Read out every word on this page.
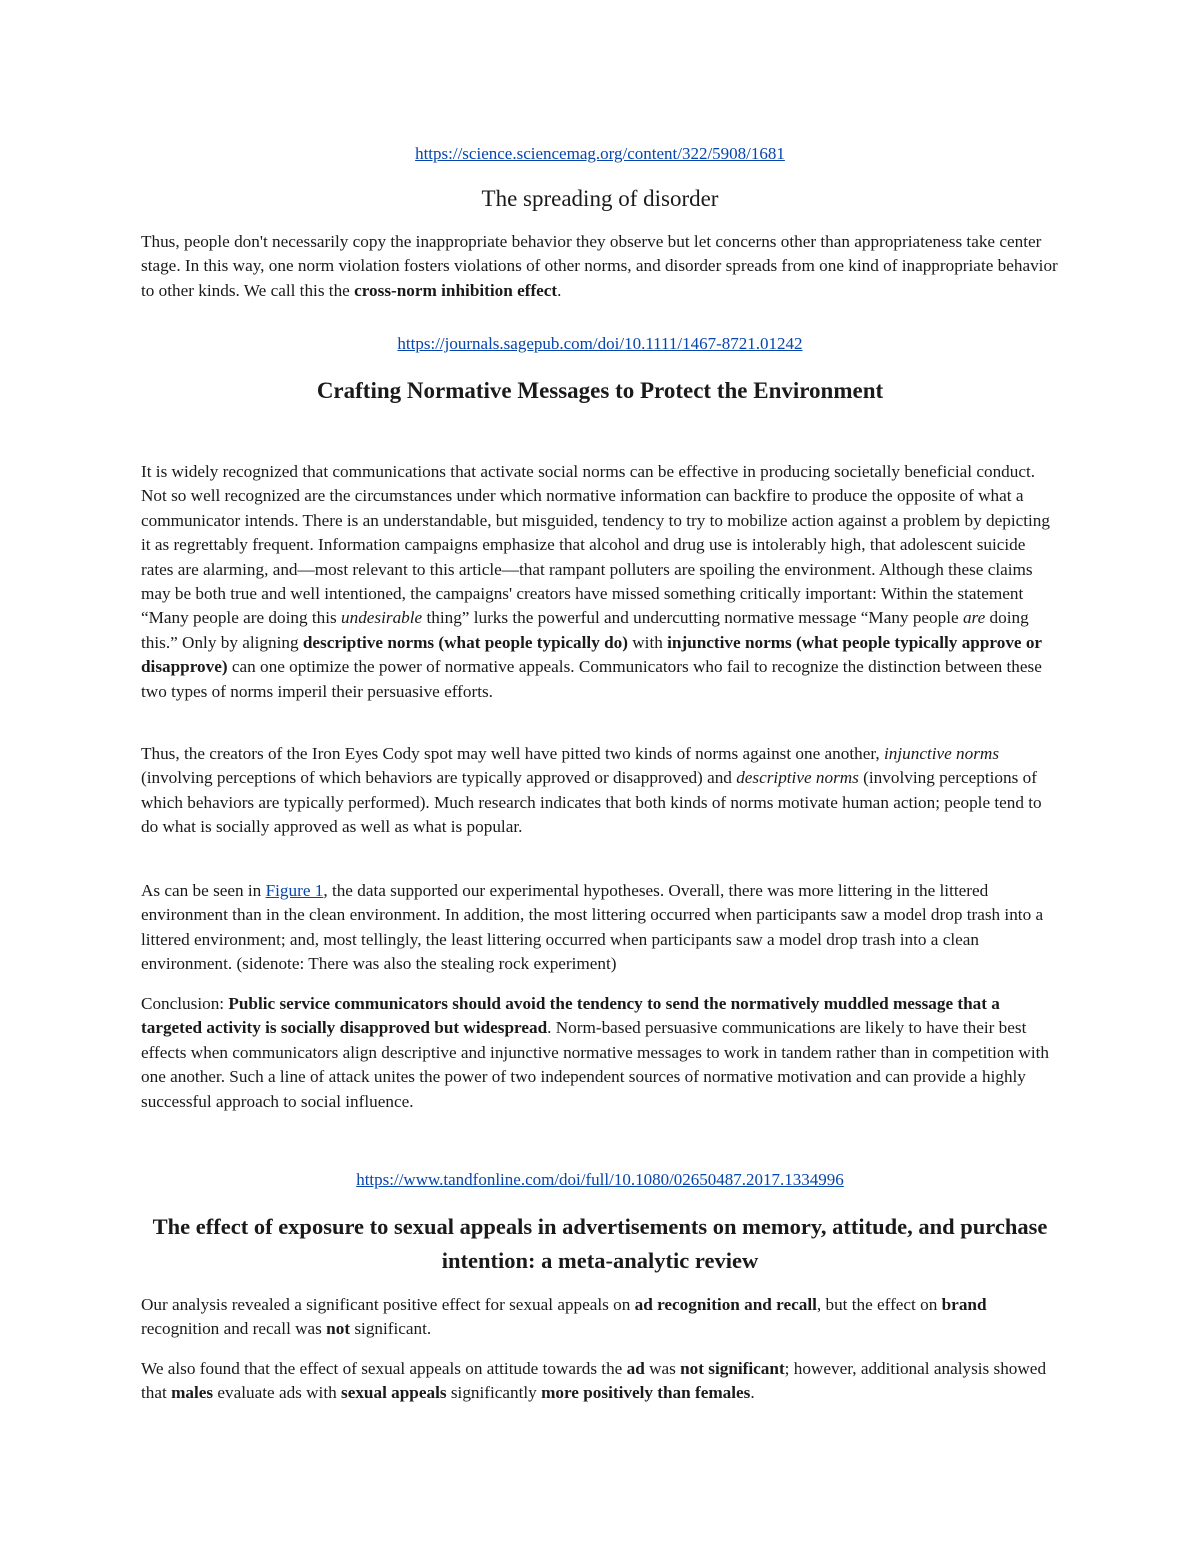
https://science.sciencemag.org/content/322/5908/1681
The spreading of disorder

Thus, people don't necessarily copy the inappropriate behavior they observe but let concerns other than appropriateness take center stage. In this way, one norm violation fosters violations of other norms, and disorder spreads from one kind of inappropriate behavior to other kinds. We call this the cross-norm inhibition effect.

https://journals.sagepub.com/doi/10.1111/1467-8721.01242
Crafting Normative Messages to Protect the Environment

It is widely recognized that communications that activate social norms can be effective in producing societally beneficial conduct. Not so well recognized are the circumstances under which normative information can backfire to produce the opposite of what a communicator intends. There is an understandable, but misguided, tendency to try to mobilize action against a problem by depicting it as regrettably frequent. Information campaigns emphasize that alcohol and drug use is intolerably high, that adolescent suicide rates are alarming, and—most relevant to this article—that rampant polluters are spoiling the environment. Although these claims may be both true and well intentioned, the campaigns' creators have missed something critically important: Within the statement “Many people are doing this undesirable thing” lurks the powerful and undercutting normative message “Many people are doing this.” Only by aligning descriptive norms (what people typically do) with injunctive norms (what people typically approve or disapprove) can one optimize the power of normative appeals. Communicators who fail to recognize the distinction between these two types of norms imperil their persuasive efforts.

Thus, the creators of the Iron Eyes Cody spot may well have pitted two kinds of norms against one another, injunctive norms (involving perceptions of which behaviors are typically approved or disapproved) and descriptive norms (involving perceptions of which behaviors are typically performed). Much research indicates that both kinds of norms motivate human action; people tend to do what is socially approved as well as what is popular.

As can be seen in Figure 1, the data supported our experimental hypotheses. Overall, there was more littering in the littered environment than in the clean environment. In addition, the most littering occurred when participants saw a model drop trash into a littered environment; and, most tellingly, the least littering occurred when participants saw a model drop trash into a clean environment. (sidenote: There was also the stealing rock experiment)

Conclusion: Public service communicators should avoid the tendency to send the normatively muddled message that a targeted activity is socially disapproved but widespread. Norm-based persuasive communications are likely to have their best effects when communicators align descriptive and injunctive normative messages to work in tandem rather than in competition with one another. Such a line of attack unites the power of two independent sources of normative motivation and can provide a highly successful approach to social influence.

https://www.tandfonline.com/doi/full/10.1080/02650487.2017.1334996
The effect of exposure to sexual appeals in advertisements on memory, attitude, and purchase intention: a meta-analytic review

Our analysis revealed a significant positive effect for sexual appeals on ad recognition and recall, but the effect on brand recognition and recall was not significant.

We also found that the effect of sexual appeals on attitude towards the ad was not significant; however, additional analysis showed that males evaluate ads with sexual appeals significantly more positively than females.
